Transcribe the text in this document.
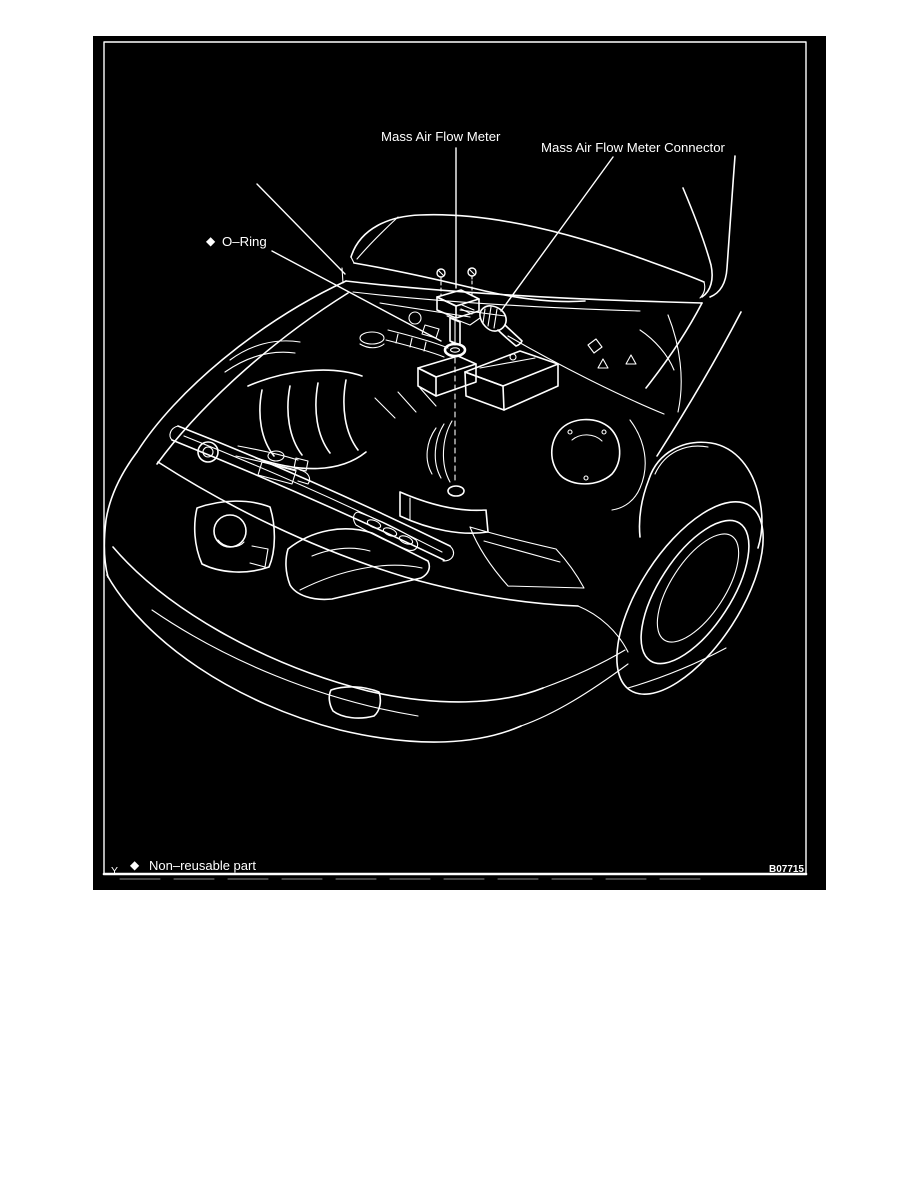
Mass Air Flow Meter
Mass Air Flow Meter Connector
◆ O–Ring
Y ◆ Non–reusable part	B07715
